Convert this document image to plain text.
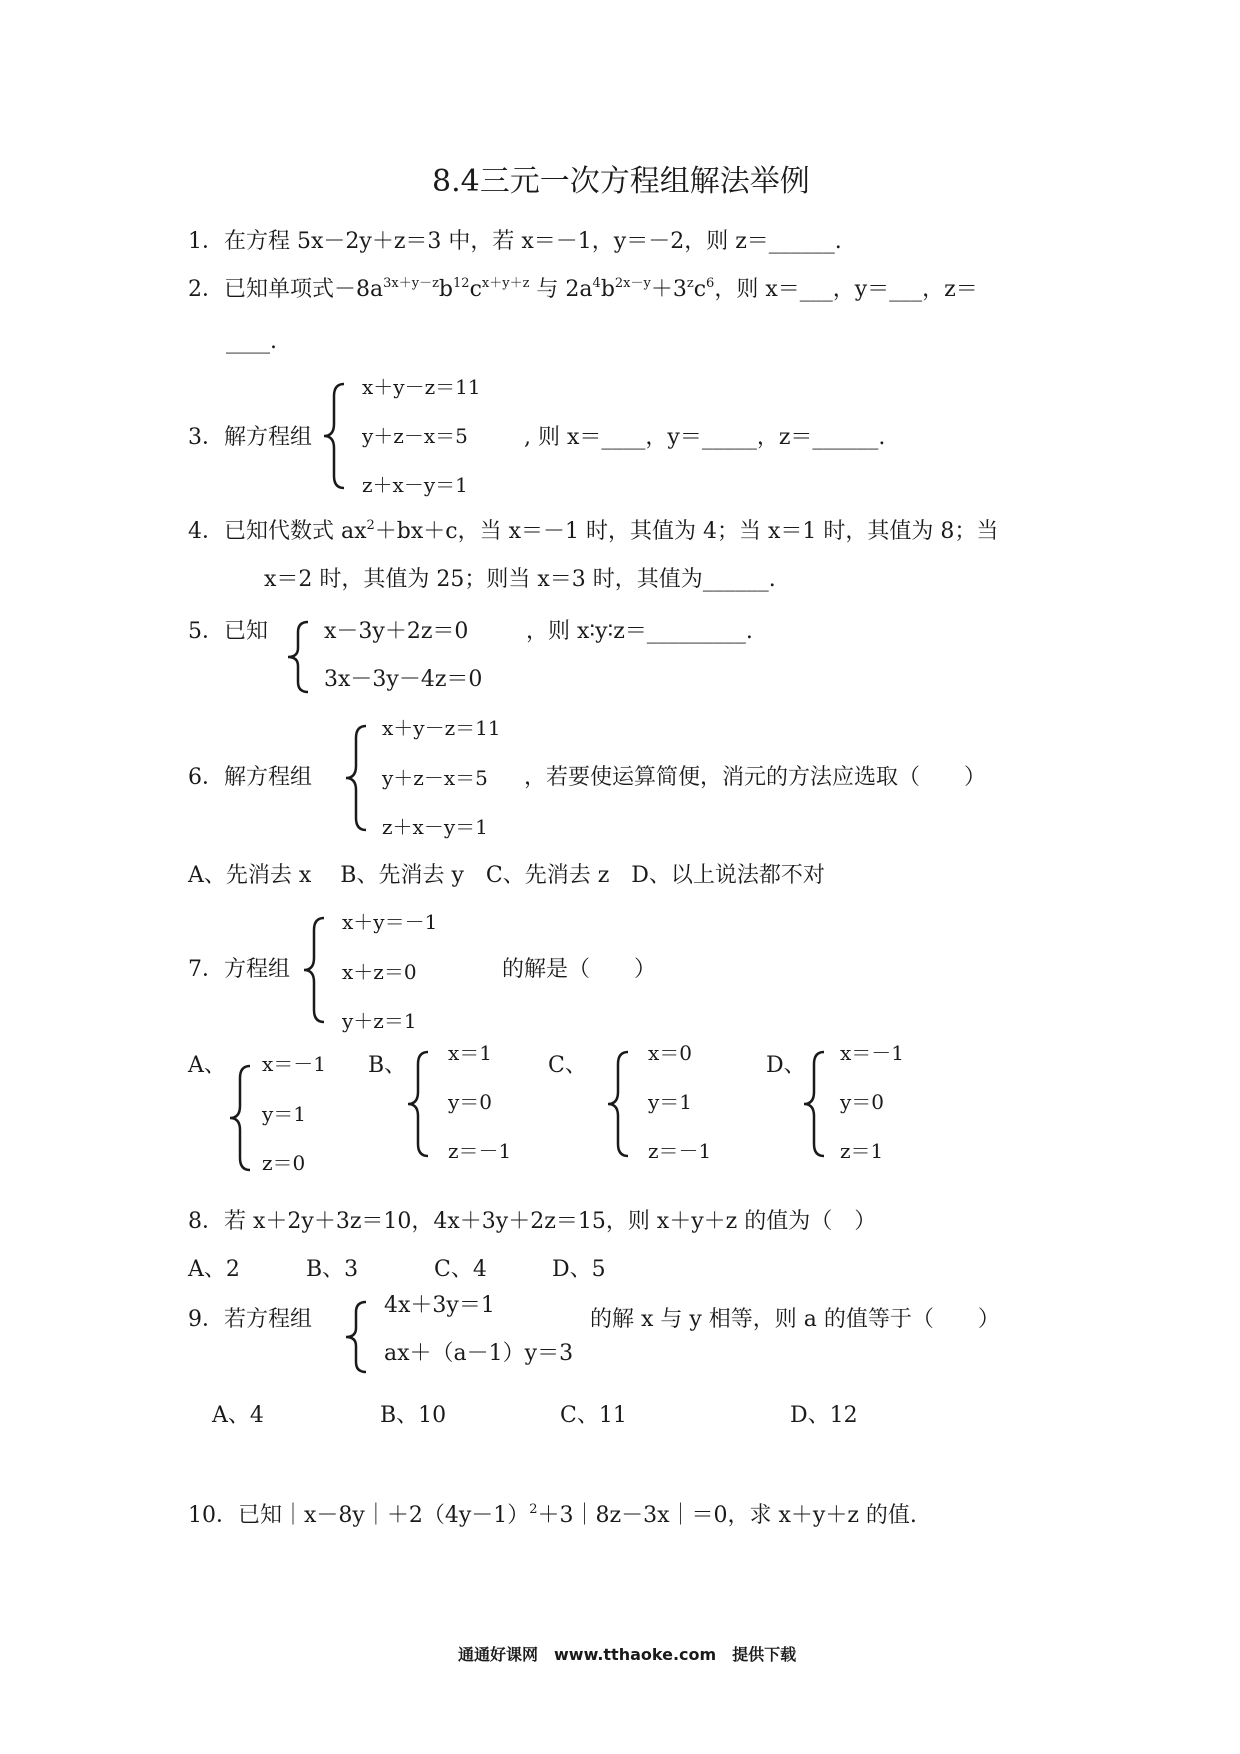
8.4三元一次方程组解法举例
1．在方程 5x－2y＋z＝3 中，若 x＝－1，y＝－2，则 z＝______.
2．已知单项式$-8a^{3x+y-z}b^{12}c^{x+y+z}$ 与 $2a^4b^{2x-y}+3^zc^6$，则 x＝___，y＝___，z＝
____.
3．解方程组
x＋y－z＝11
y＋z－x＝5
z＋x－y＝1
, 则 x＝____，y＝_____，z＝______.
4．已知代数式 $ax^2+bx+c$，当 x＝－1 时，其值为 4；当 x＝1 时，其值为 8；当
x＝2 时，其值为 25；则当 x＝3 时，其值为______.
5．已知	x－3y＋2z＝0
3x－3y－4z＝0
，则 x∶y∶z＝_________.
6．解方程组
x＋y－z＝11
y＋z－x＝5
z＋x－y＝1
，若要使运算简便，消元的方法应选取（　　）
A、先消去 x　 B、先消去 y　C、先消去 z　D、以上说法都不对
7．方程组
x＋y＝－1
x＋z＝0
y＋z＝1
的解是（　　）
A、 x＝－1
y＝1
z＝0
B、 x＝1
y＝0
z＝－1
C、	x＝0
y＝1
z＝－1
D、 x＝－1
y＝0
z＝1
8．若 x＋2y＋3z＝10，4x＋3y＋2z＝15，则 x＋y＋z 的值为（　）
A、2	B、3	C、4	D、5
9．若方程组
4x＋3y＝1
ax＋（a－1）y＝3
的解 x 与 y 相等，则 a 的值等于（　　）
A、4	B、10	C、11	D、12
10．已知$|x-8y|+2(4y-1)^2+3|8z-3x|=0$，求 x＋y＋z 的值.
通通好课网　www.tthaoke.com　提供下载
